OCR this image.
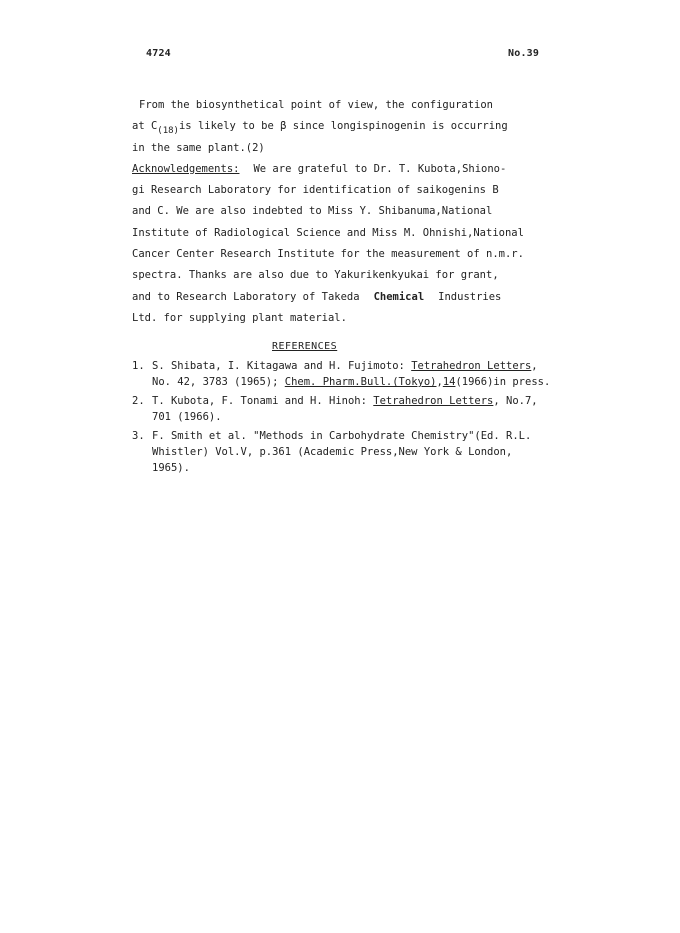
4724	No.39
From the biosynthetical point of view, the configuration
at C(18)is likely to be β since longispinogenin is occurring
in the same plant.(2)
Acknowledgements: We are grateful to Dr. T. Kubota,Shiono-
gi Research Laboratory for identification of saikogenins B
and C. We are also indebted to Miss Y. Shibanuma,National
Institute of Radiological Science and Miss M. Ohnishi,National
Cancer Center Research Institute for the measurement of n.m.r.
spectra. Thanks are also due to Yakurikenkyukai for grant,
and to Research Laboratory of Takeda Chemical Industries
Ltd. for supplying plant material.
REFERENCES
1. S. Shibata, I. Kitagawa and H. Fujimoto: Tetrahedron Letters,
No. 42, 3783 (1965); Chem. Pharm.Bull.(Tokyo),14(1966)in press.
2. T. Kubota, F. Tonami and H. Hinoh: Tetrahedron Letters, No.7,
701 (1966).
3. F. Smith et al. "Methods in Carbohydrate Chemistry"(Ed. R.L.
Whistler) Vol.V, p.361 (Academic Press,New York & London,
1965).
